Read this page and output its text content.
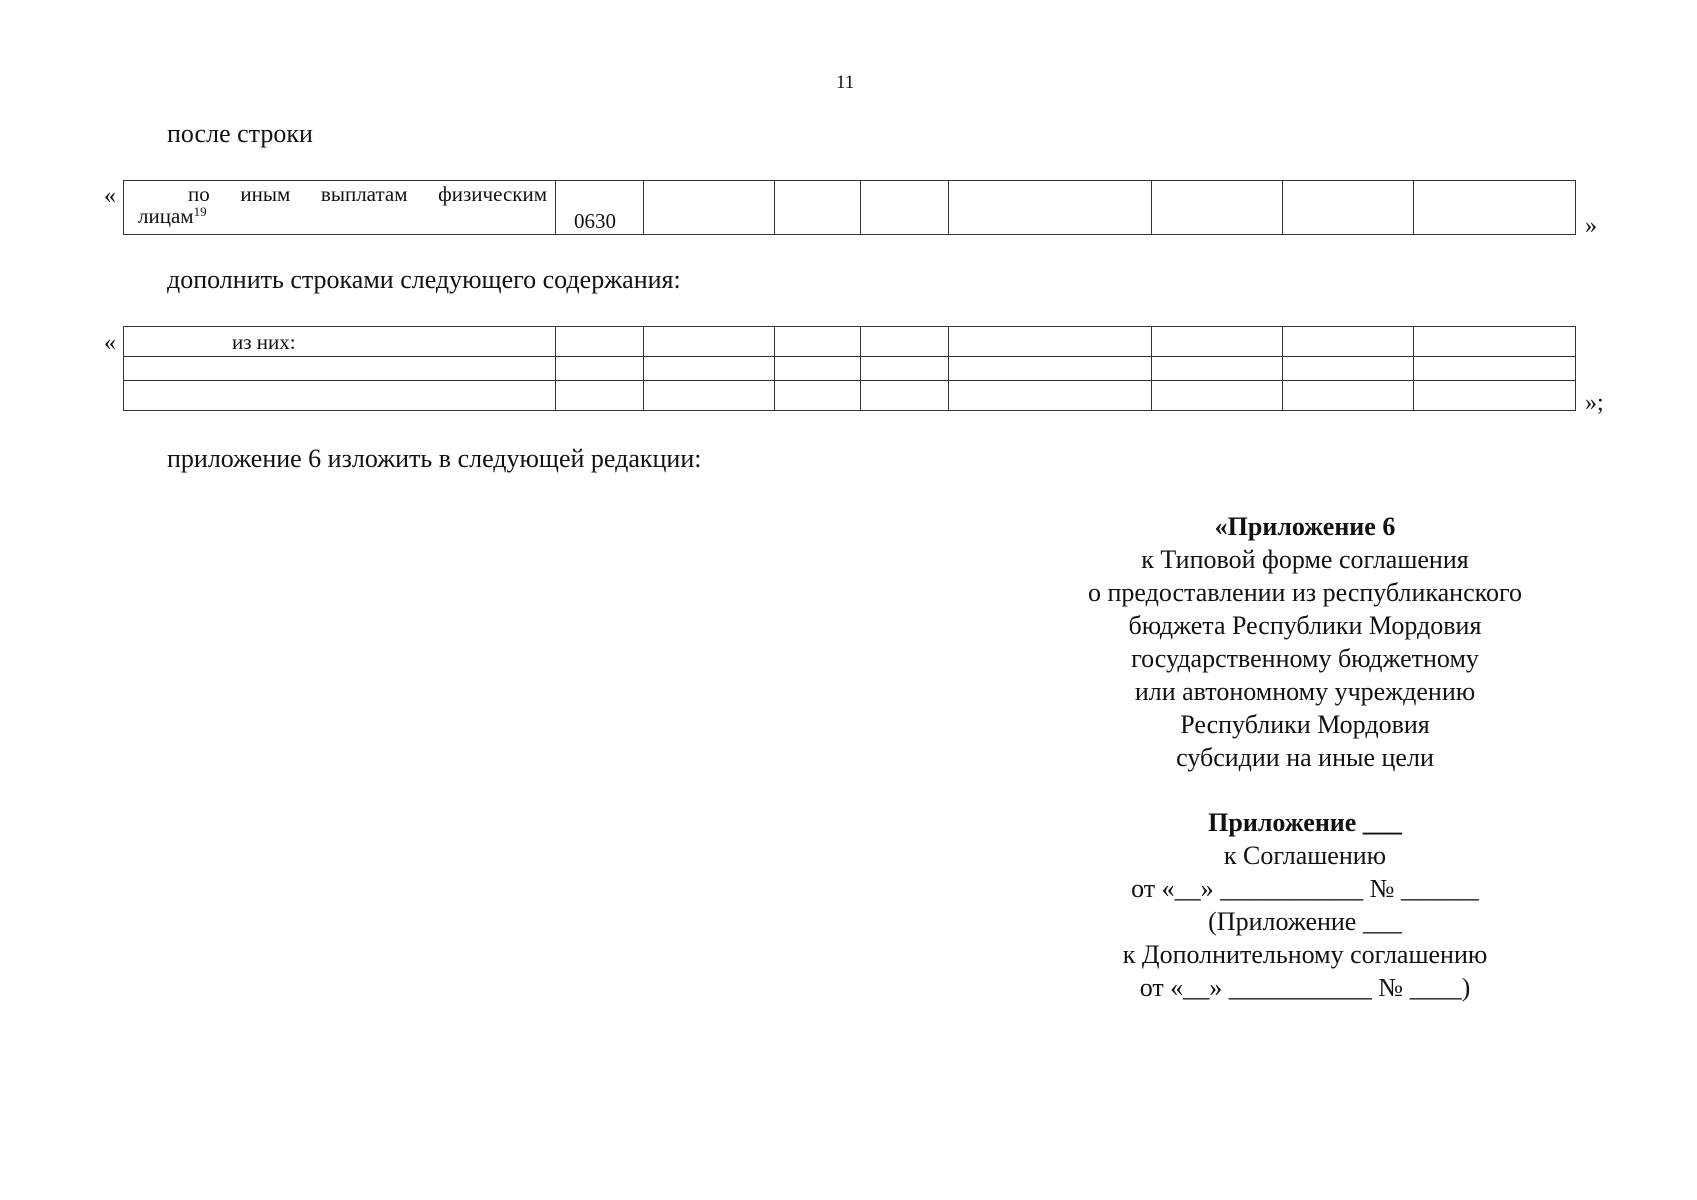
11
после строки
«	по иным выплатам физическим
лицам$^{19}$	0630								»
дополнить строками следующего содержания:
«	из них:								

»;
приложение 6 изложить в следующей редакции:
«Приложение 6
к Типовой форме соглашения
о предоставлении из республиканского
бюджета Республики Мордовия
государственному бюджетному
или автономному учреждению
Республики Мордовия
субсидии на иные цели
Приложение ___
к Соглашению
от «__» ___________ № ______
(Приложение ___
к Дополнительному соглашению
от «__» ___________ № ____)
